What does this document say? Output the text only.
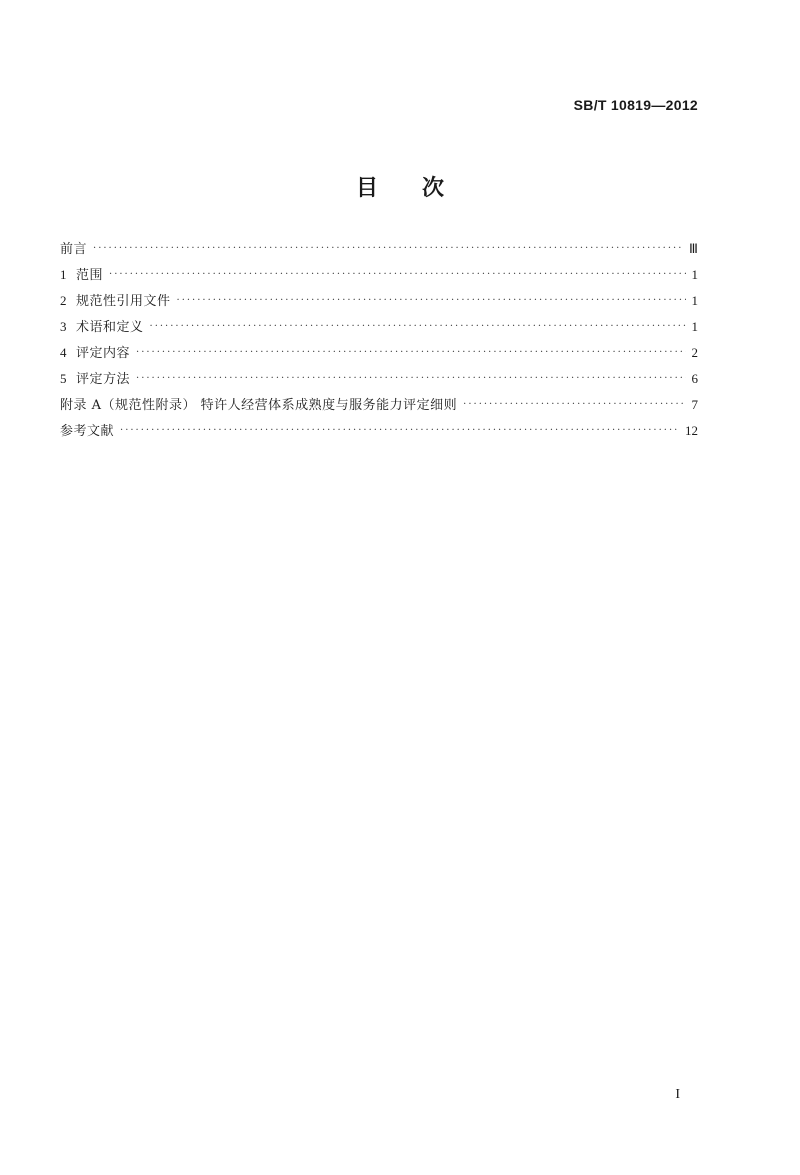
SB/T 10819—2012
目次
前言 ·····	Ⅲ
1 范围 ·····	1
2 规范性引用文件 ·····	1
3 术语和定义 ·····	1
4 评定内容 ·····	2
5 评定方法 ·····	6
附录 A（规范性附录） 特许人经营体系成熟度与服务能力评定细则 ·····	7
参考文献 ·····	12
I
